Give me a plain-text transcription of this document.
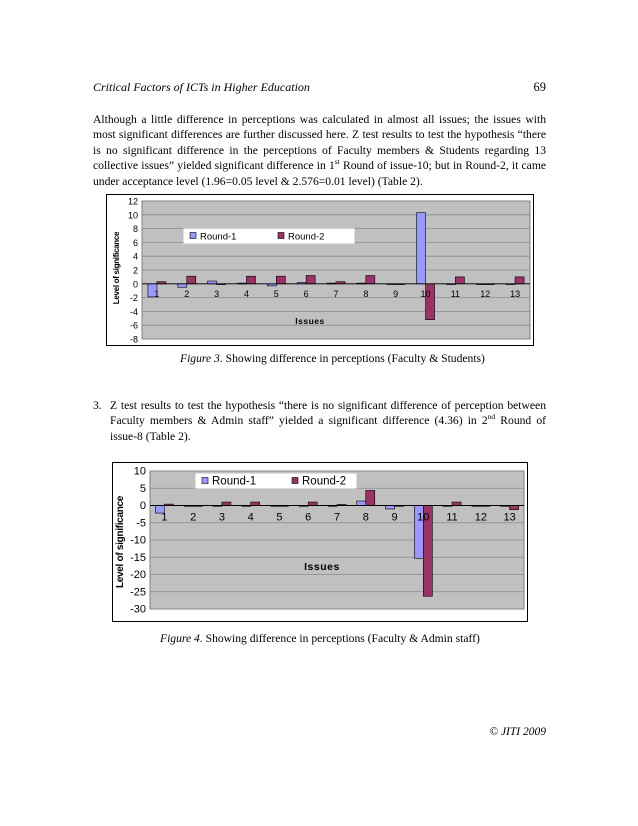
Critical Factors of ICTs in Higher Education	69
Although a little difference in perceptions was calculated in almost all issues; the issues with most significant differences are further discussed here. Z test results to test the hypothesis “there is no significant difference in the perceptions of Faculty members & Students regarding 13 collective issues” yielded significant difference in 1st Round of issue-10; but in Round-2, it came under acceptance level (1.96=0.05 level & 2.576=0.01 level) (Table 2).
12
10
8
6
4
2
0
-2
-4
-6
-8
1	2	3	4	5	6	7	8	9 10 11 12 13
Issues
Level of significance	Round-1	Round-2
Figure 3. Showing difference in perceptions (Faculty & Students)
3. Z test results to test the hypothesis “there is no significant difference of perception between Faculty members & Admin staff” yielded a significant difference (4.36) in 2nd Round of issue-8 (Table 2).
10
5
0
-5
-10
-15
-20
-25
-30
1 2 3 4 5 6 7 8 9 10 11 12 13
Issues
Level of significance
Round-1	Round-2
Figure 4. Showing difference in perceptions (Faculty & Admin staff)
© JITI 2009
